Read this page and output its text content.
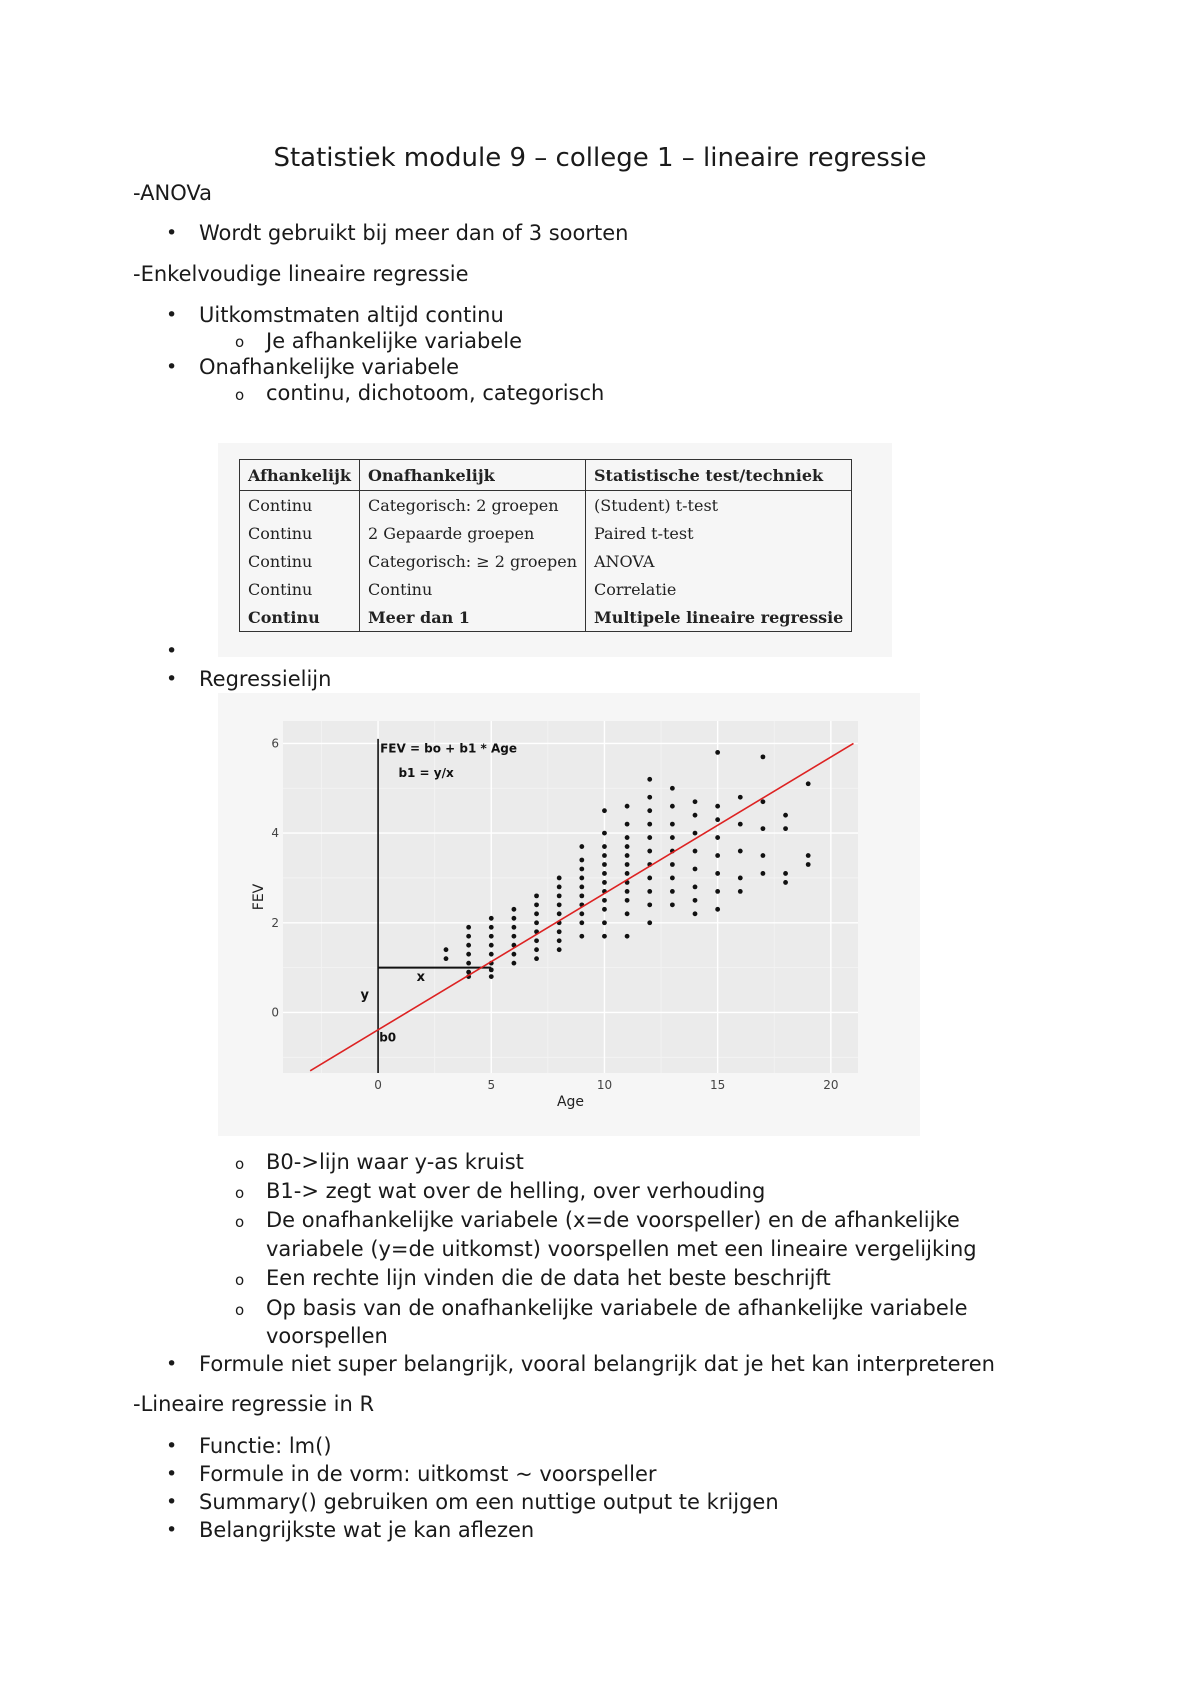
Statistiek module 9 – college 1 – lineaire regressie
-ANOVa
• Wordt gebruikt bij meer dan of 3 soorten
-Enkelvoudige lineaire regressie
• Uitkomstmaten altijd continu
o Je afhankelijke variabele
• Onafhankelijke variabele
o continu, dichotoom, categorisch
Afhankelijk	Onafhankelijk	Statistische test/techniek
Continu	Categorisch: 2 groepen	(Student) t-test
Continu	2 Gepaarde groepen	Paired t-test
Continu	Categorisch: ≥ 2 groepen	ANOVA
Continu	Continu	Correlatie
Continu	Meer dan 1	Multipele lineaire regressie
•
• Regressielijn
0	5	10	15	20
0
2
4
6
Age
FEV
FEV = bo + b1 * Age
b1 = y/x
x
y
b0
o B0->lijn waar y-as kruist
o B1-> zegt wat over de helling, over verhouding
o De onafhankelijke variabele (x=de voorspeller) en de afhankelijke
variabele (y=de uitkomst) voorspellen met een lineaire vergelijking
o Een rechte lijn vinden die de data het beste beschrijft
o Op basis van de onafhankelijke variabele de afhankelijke variabele
voorspellen
• Formule niet super belangrijk, vooral belangrijk dat je het kan interpreteren
-Lineaire regressie in R
• Functie: lm()
• Formule in de vorm: uitkomst ~ voorspeller
• Summary() gebruiken om een nuttige output te krijgen
• Belangrijkste wat je kan aflezen
